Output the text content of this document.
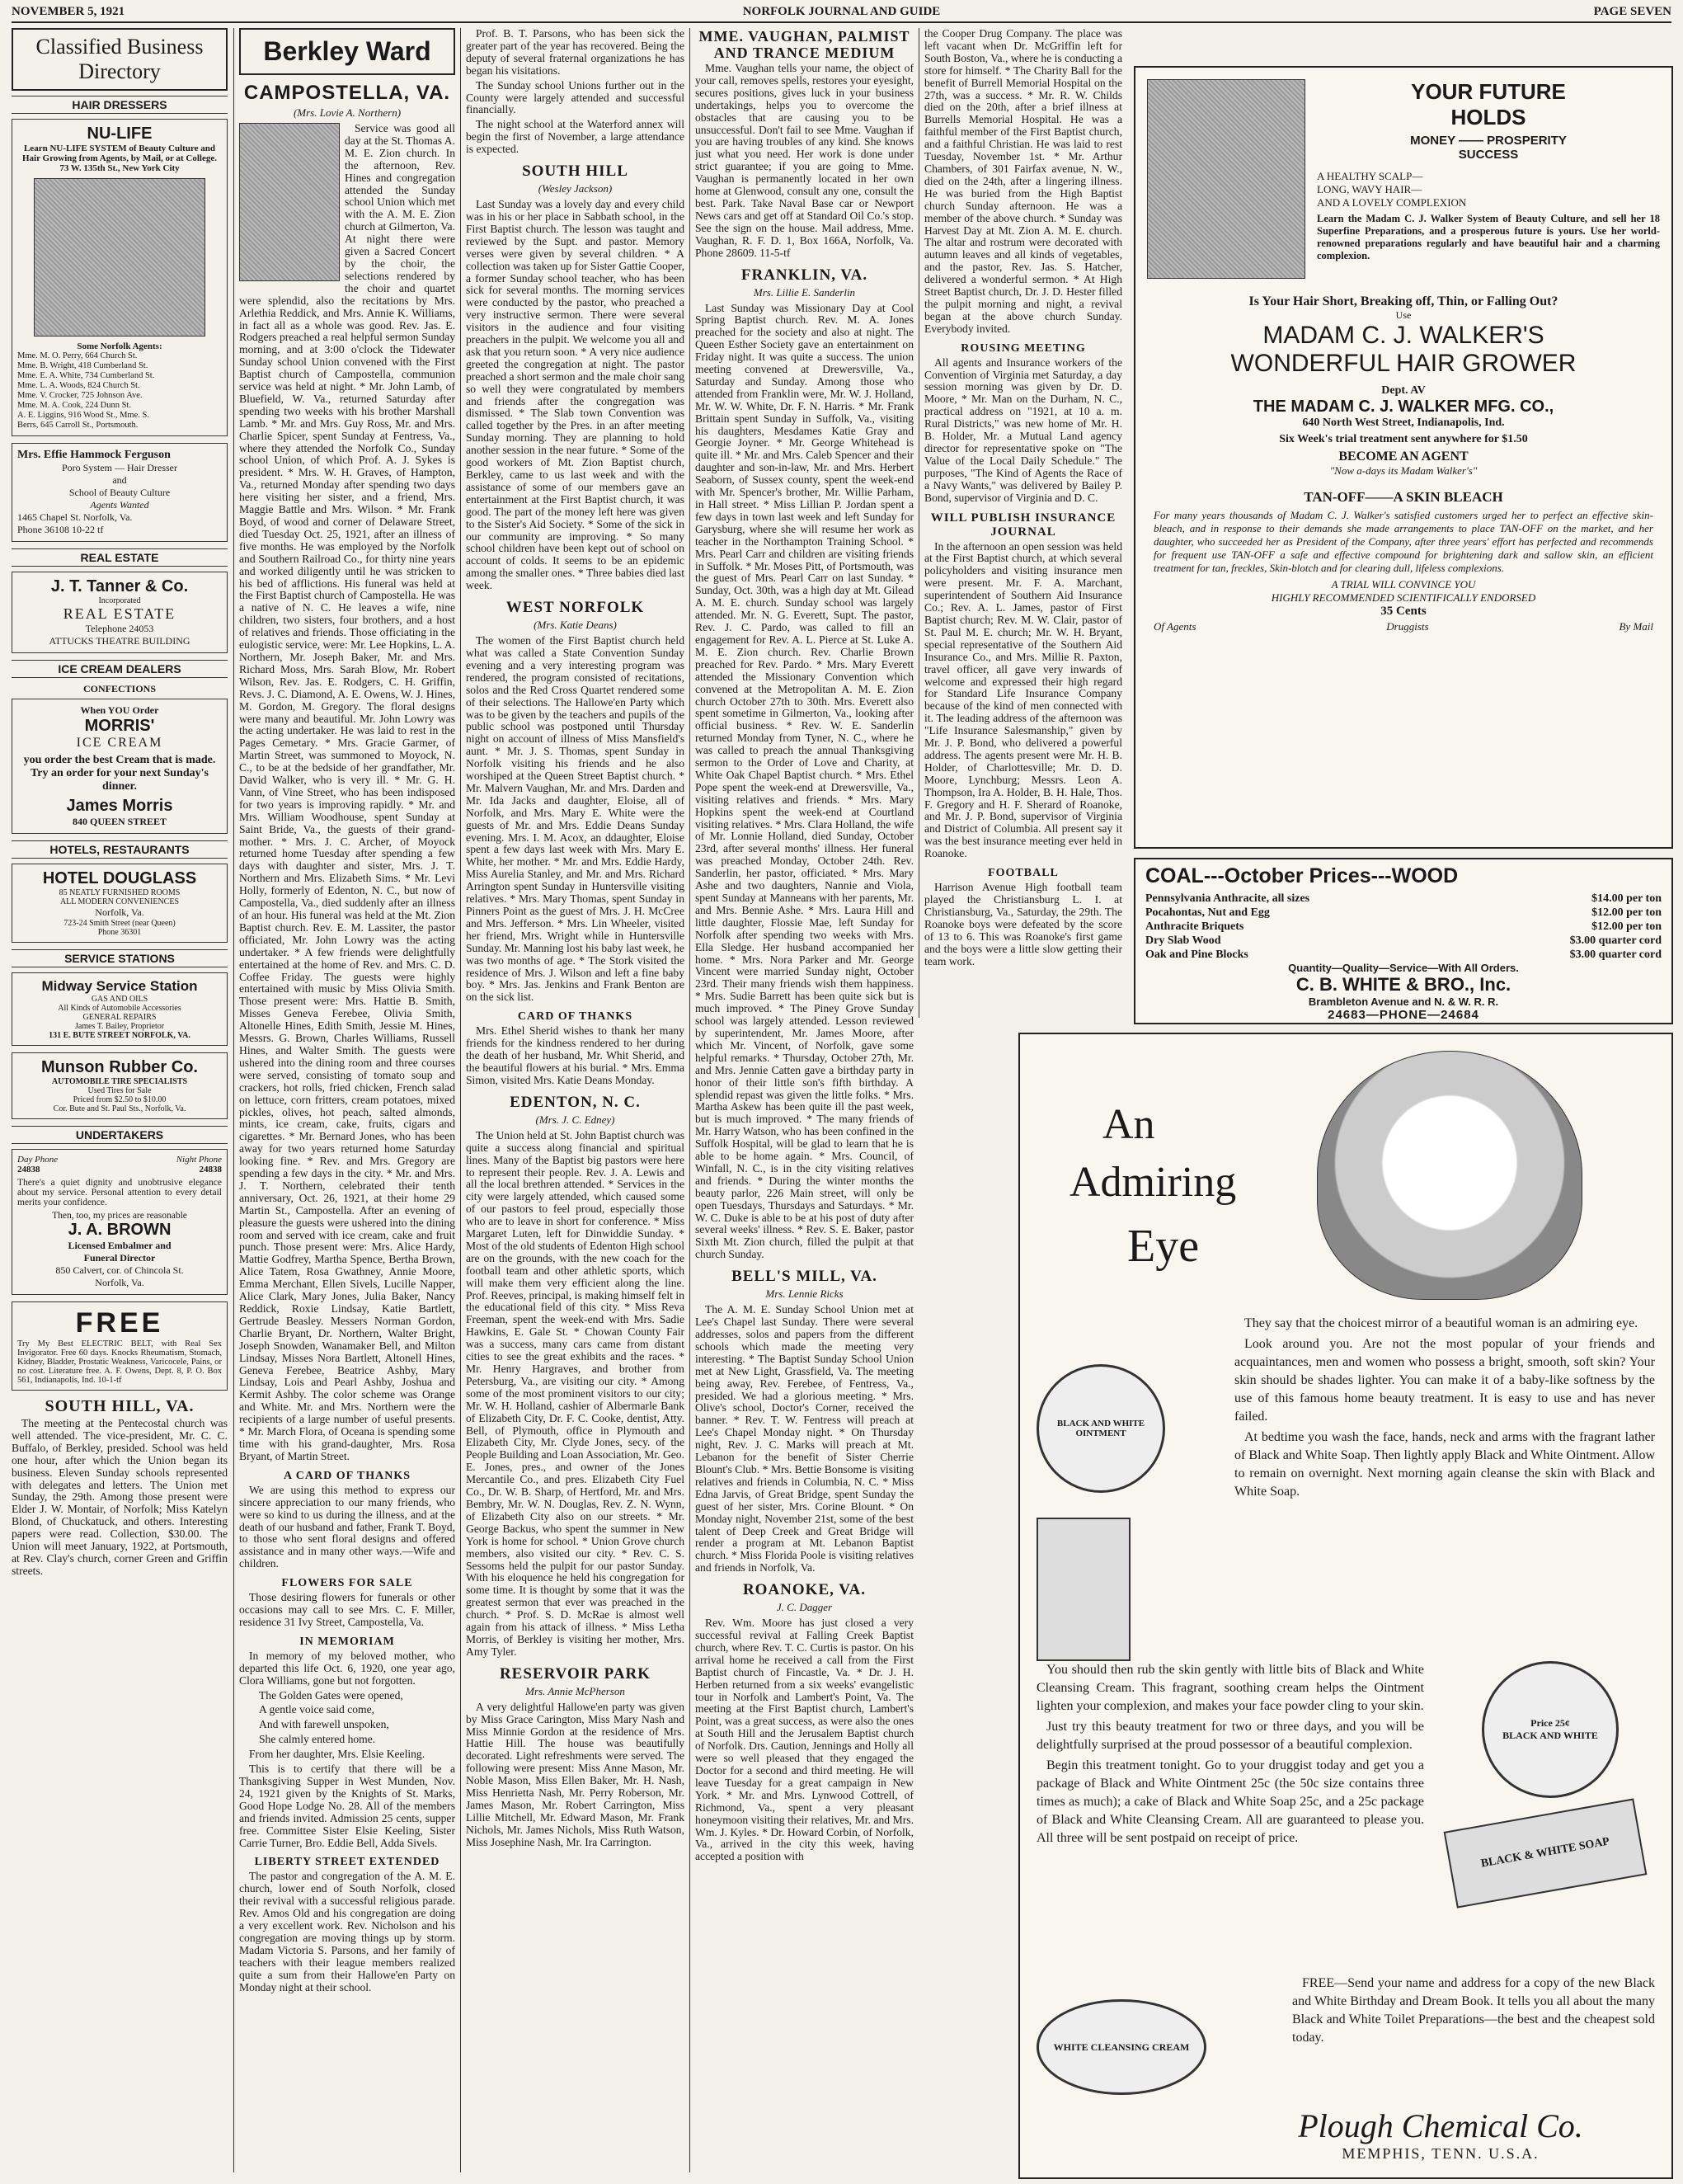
NOVEMBER 5, 1921	NORFOLK JOURNAL AND GUIDE	PAGE SEVEN
Classified Business Directory
HAIR DRESSERS
NU-LIFE
Learn NU-LIFE SYSTEM of Beauty Culture and Hair Growing from Agents, by Mail, or at College.
73 W. 135th St., New York City
Some Norfolk Agents:
Mme. M. O. Perry, 664 Church St.
Mme. B. Wright, 418 Cumberland St.
Mme. E. A. White, 734 Cumberland St.
Mme. L. A. Woods, 824 Church St.
Mme. V. Crocker, 725 Johnson Ave.
Mme. M. A. Cook, 224 Dunn St.
A. E. Liggins, 916 Wood St., Mme. S.
Berrs, 645 Carroll St., Portsmouth.
Mrs. Effie Hammock Ferguson
Poro System — Hair Dresser
and
School of Beauty Culture
Agents Wanted
1465 Chapel St. Norfolk, Va.
Phone 36108 10-22 tf
REAL ESTATE
J. T. Tanner & Co.
Incorporated
REAL ESTATE
Telephone 24053
ATTUCKS THEATRE BUILDING
ICE CREAM DEALERS
CONFECTIONS
When YOU Order
MORRIS'
ICE CREAM
you order the best Cream that is made. Try an order for your next Sunday's dinner.
James Morris
840 QUEEN STREET
HOTELS, RESTAURANTS
HOTEL DOUGLASS
85 NEATLY FURNISHED ROOMS
ALL MODERN CONVENIENCES
Norfolk, Va.
723-24 Smith Street (near Queen)
Phone 36301
SERVICE STATIONS
Midway Service Station
GAS AND OILS
All Kinds of Automobile Accessories
GENERAL REPAIRS
James T. Bailey, Proprietor
131 E. BUTE STREET NORFOLK, VA.
Munson Rubber Co.
AUTOMOBILE TIRE SPECIALISTS
Used Tires for Sale
Priced from $2.50 to $10.00
Cor. Bute and St. Paul Sts., Norfolk, Va.
UNDERTAKERS
Day Phone	Night Phone
24838	24838
There's a quiet dignity and unobtrusive elegance about my service. Personal attention to every detail merits your confidence.
Then, too, my prices are reasonable
J. A. BROWN
Licensed Embalmer and
Funeral Director
850 Calvert, cor. of Chincola St.
Norfolk, Va.
FREE
Try My Best ELECTRIC BELT, with Real Sex Invigorator. Free 60 days. Knocks Rheumatism, Stomach, Kidney, Bladder, Prostatic Weakness, Varicocele, Pains, or no cost. Literature free. A. F. Owens, Dept. 8, P. O. Box 561, Indianapolis, Ind. 10-1-tf
SOUTH HILL, VA.

The meeting at the Pentecostal church was well attended. The vice-president, Mr. C. C. Buffalo, of Berkley, presided. School was held one hour, after which the Union began its business. Eleven Sunday schools represented with delegates and letters. The Union met Sunday, the 29th. Among those present were Elder J. W. Montair, of Norfolk; Miss Katelyn Blond, of Chuckatuck, and others. Interesting papers were read. Collection, $30.00. The Union will meet January, 1922, at Portsmouth, at Rev. Clay's church, corner Green and Griffin streets.

Berkley Ward
CAMPOSTELLA, VA.
(Mrs. Lovie A. Northern)

Service was good all day at the St. Thomas A. M. E. Zion church. In the afternoon, Rev. Hines and congregation attended the Sunday school Union which met with the A. M. E. Zion church at Gilmerton, Va. At night there were given a Sacred Concert by the choir, the selections rendered by the choir and quartet were splendid, also the recitations by Mrs. Arlethia Reddick, and Mrs. Annie K. Williams, in fact all as a whole was good. Rev. Jas. E. Rodgers preached a real helpful sermon Sunday morning, and at 3:00 o'clock the Tidewater Sunday school Union convened with the First Baptist church of Campostella, communion service was held at night. * Mr. John Lamb, of Bluefield, W. Va., returned Saturday after spending two weeks with his brother Marshall Lamb. * Mr. and Mrs. Guy Ross, Mr. and Mrs. Charlie Spicer, spent Sunday at Fentress, Va., where they attended the Norfolk Co., Sunday school Union, of which Prof. A. J. Sykes is president. * Mrs. W. H. Graves, of Hampton, Va., returned Monday after spending two days here visiting her sister, and a friend, Mrs. Maggie Battle and Mrs. Wilson. * Mr. Frank Boyd, of wood and corner of Delaware Street, died Tuesday Oct. 25, 1921, after an illness of five months. He was employed by the Norfolk and Southern Railroad Co., for thirty nine years and worked diligently until he was stricken to his bed of afflictions. His funeral was held at the First Baptist church of Campostella. He was a native of N. C. He leaves a wife, nine children, two sisters, four brothers, and a host of relatives and friends. Those officiating in the eulogistic service, were: Mr. Lee Hopkins, L. A. Northern, Mr. Joseph Baker, Mr. and Mrs. Richard Moss, Mrs. Sarah Blow, Mr. Robert Wilson, Rev. Jas. E. Rodgers, C. H. Griffin, Revs. J. C. Diamond, A. E. Owens, W. J. Hines, M. Gordon, M. Gregory. The floral designs were many and beautiful. Mr. John Lowry was the acting undertaker. He was laid to rest in the Pages Cemetary. * Mrs. Gracie Garmer, of Martin Street, was summoned to Moyock, N. C., to be at the bedside of her grandfather, Mr. David Walker, who is very ill. * Mr. G. H. Vann, of Vine Street, who has been indisposed for two years is improving rapidly. * Mr. and Mrs. William Woodhouse, spent Sunday at Saint Bride, Va., the guests of their grand-mother. * Mrs. J. C. Archer, of Moyock returned home Tuesday after spending a few days with daughter and sister, Mrs. J. T. Northern and Mrs. Elizabeth Sims. * Mr. Levi Holly, formerly of Edenton, N. C., but now of Campostella, Va., died suddenly after an illness of an hour. His funeral was held at the Mt. Zion Baptist church. Rev. E. M. Lassiter, the pastor officiated, Mr. John Lowry was the acting undertaker. * A few friends were delightfully entertained at the home of Rev. and Mrs. C. D. Coffee Friday. The guests were highly entertained with music by Miss Olivia Smith. Those present were: Mrs. Hattie B. Smith, Misses Geneva Ferebee, Olivia Smith, Altonelle Hines, Edith Smith, Jessie M. Hines, Messrs. G. Brown, Charles Williams, Russell Hines, and Walter Smith. The guests were ushered into the dining room and three courses were served, consisting of tomato soup and crackers, hot rolls, fried chicken, French salad on lettuce, corn fritters, cream potatoes, mixed pickles, olives, hot peach, salted almonds, mints, ice cream, cake, fruits, cigars and cigarettes. * Mr. Bernard Jones, who has been away for two years returned home Saturday looking fine. * Rev. and Mrs. Gregory are spending a few days in the city. * Mr. and Mrs. J. T. Northern, celebrated their tenth anniversary, Oct. 26, 1921, at their home 29 Martin St., Campostella. After an evening of pleasure the guests were ushered into the dining room and served with ice cream, cake and fruit punch. Those present were: Mrs. Alice Hardy, Mattie Godfrey, Martha Spence, Bertha Brown, Alice Tatem, Rosa Gwathney, Annie Moore, Emma Merchant, Ellen Sivels, Lucille Napper, Alice Clark, Mary Jones, Julia Baker, Nancy Reddick, Roxie Lindsay, Katie Bartlett, Gertrude Beasley. Messers Norman Gordon, Charlie Bryant, Dr. Northern, Walter Bright, Joseph Snowden, Wanamaker Bell, and Milton Lindsay, Misses Nora Bartlett, Altonell Hines, Geneva Ferebee, Beatrice Ashby, Mary Lindsay, Lois and Pearl Ashby, Joshua and Kermit Ashby. The color scheme was Orange and White. Mr. and Mrs. Northern were the recipients of a large number of useful presents. * Mr. March Flora, of Oceana is spending some time with his grand-daughter, Mrs. Rosa Bryant, of Martin Street.

A CARD OF THANKS

We are using this method to express our sincere appreciation to our many friends, who were so kind to us during the illness, and at the death of our husband and father, Frank T. Boyd, to those who sent floral designs and offered assistance and in many other ways.—Wife and children.

FLOWERS FOR SALE

Those desiring flowers for funerals or other occasions may call to see Mrs. C. F. Miller, residence 31 Ivy Street, Campostella, Va.

IN MEMORIAM

In memory of my beloved mother, who departed this life Oct. 6, 1920, one year ago, Clora Williams, gone but not forgotten.

The Golden Gates were opened,

A gentle voice said come,

And with farewell unspoken,

She calmly entered home.

From her daughter, Mrs. Elsie Keeling.

This is to certify that there will be a Thanksgiving Supper in West Munden, Nov. 24, 1921 given by the Knights of St. Marks, Good Hope Lodge No. 28. All of the members and friends invited. Admission 25 cents, supper free. Committee Sister Elsie Keeling, Sister Carrie Turner, Bro. Eddie Bell, Adda Sivels.

LIBERTY STREET EXTENDED

The pastor and congregation of the A. M. E. church, lower end of South Norfolk, closed their revival with a successful religious parade. Rev. Amos Old and his congregation are doing a very excellent work. Rev. Nicholson and his congregation are moving things up by storm. Madam Victoria S. Parsons, and her family of teachers with their league members realized quite a sum from their Hallowe'en Party on Monday night at their school.

Prof. B. T. Parsons, who has been sick the greater part of the year has recovered. Being the deputy of several fraternal organizations he has began his visitations.

The Sunday school Unions further out in the County were largely attended and successful financially.

The night school at the Waterford annex will begin the first of November, a large attendance is expected.

SOUTH HILL
(Wesley Jackson)

Last Sunday was a lovely day and every child was in his or her place in Sabbath school, in the First Baptist church. The lesson was taught and reviewed by the Supt. and pastor. Memory verses were given by several children. * A collection was taken up for Sister Gattie Cooper, a former Sunday school teacher, who has been sick for several months. The morning services were conducted by the pastor, who preached a very instructive sermon. There were several visitors in the audience and four visiting preachers in the pulpit. We welcome you all and ask that you return soon. * A very nice audience greeted the congregation at night. The pastor preached a short sermon and the male choir sang so well they were congratulated by members and friends after the congregation was dismissed. * The Slab town Convention was called together by the Pres. in an after meeting Sunday morning. They are planning to hold another session in the near future. * Some of the good workers of Mt. Zion Baptist church, Berkley, came to us last week and with the assistance of some of our members gave an entertainment at the First Baptist church, it was good. The part of the money left here was given to the Sister's Aid Society. * Some of the sick in our community are improving. * So many school children have been kept out of school on account of colds. It seems to be an epidemic among the smaller ones. * Three babies died last week.

WEST NORFOLK
(Mrs. Katie Deans)

The women of the First Baptist church held what was called a State Convention Sunday evening and a very interesting program was rendered, the program consisted of recitations, solos and the Red Cross Quartet rendered some of their selections. The Hallowe'en Party which was to be given by the teachers and pupils of the public school was postponed until Thursday night on account of illness of Miss Mansfield's aunt. * Mr. J. S. Thomas, spent Sunday in Norfolk visiting his friends and he also worshiped at the Queen Street Baptist church. * Mr. Malvern Vaughan, Mr. and Mrs. Darden and Mr. Ida Jacks and daughter, Eloise, all of Norfolk, and Mrs. Mary E. White were the guests of Mr. and Mrs. Eddie Deans Sunday evening. Mrs. I. M. Acox, an ddaughter, Eloise spent a few days last week with Mrs. Mary E. White, her mother. * Mr. and Mrs. Eddie Hardy, Miss Aurelia Stanley, and Mr. and Mrs. Richard Arrington spent Sunday in Huntersville visiting relatives. * Mrs. Mary Thomas, spent Sunday in Pinners Point as the guest of Mrs. J. H. McCree and Mrs. Jefferson. * Mrs. Lin Wheeler, visited her friend, Mrs. Wright while in Huntersville Sunday. Mr. Manning lost his baby last week, he was two months of age. * The Stork visited the residence of Mrs. J. Wilson and left a fine baby boy. * Mrs. Jas. Jenkins and Frank Benton are on the sick list.

CARD OF THANKS

Mrs. Ethel Sherid wishes to thank her many friends for the kindness rendered to her during the death of her husband, Mr. Whit Sherid, and the beautiful flowers at his burial. * Mrs. Emma Simon, visited Mrs. Katie Deans Monday.

EDENTON, N. C.
(Mrs. J. C. Edney)

The Union held at St. John Baptist church was quite a success along financial and spiritual lines. Many of the Baptist big pastors were here to represent their people. Rev. J. A. Lewis and all the local brethren attended. * Services in the city were largely attended, which caused some of our pastors to feel proud, especially those who are to leave in short for conference. * Miss Margaret Luten, left for Dinwiddie Sunday. * Most of the old students of Edenton High school are on the grounds, with the new coach for the football team and other athletic sports, which will make them very efficient along the line. Prof. Reeves, principal, is making himself felt in the educational field of this city. * Miss Reva Freeman, spent the week-end with Mrs. Sadie Hawkins, E. Gale St. * Chowan County Fair was a success, many cars came from distant cities to see the great exhibits and the races. * Mr. Henry Hargraves, and brother from Petersburg, Va., are visiting our city. * Among some of the most prominent visitors to our city; Mr. W. H. Holland, cashier of Albermarle Bank of Elizabeth City, Dr. F. C. Cooke, dentist, Atty. Bell, of Plymouth, office in Plymouth and Elizabeth City, Mr. Clyde Jones, secy. of the People Building and Loan Association, Mr. Geo. E. Jones, pres., and owner of the Jones Mercantile Co., and pres. Elizabeth City Fuel Co., Dr. W. B. Sharp, of Hertford, Mr. and Mrs. Bembry, Mr. W. N. Douglas, Rev. Z. N. Wynn, of Elizabeth City also on our streets. * Mr. George Backus, who spent the summer in New York is home for school. * Union Grove church members, also visited our city. * Rev. C. S. Sessoms held the pulpit for our pastor Sunday. With his eloquence he held his congregation for some time. It is thought by some that it was the greatest sermon that ever was preached in the church. * Prof. S. D. McRae is almost well again from his attack of illness. * Miss Letha Morris, of Berkley is visiting her mother, Mrs. Amy Tyler.

RESERVOIR PARK
Mrs. Annie McPherson

A very delightful Hallowe'en party was given by Miss Grace Carington, Miss Mary Nash and Miss Minnie Gordon at the residence of Mrs. Hattie Hill. The house was beautifully decorated. Light refreshments were served. The following were present: Miss Anne Mason, Mr. Noble Mason, Miss Ellen Baker, Mr. H. Nash, Miss Henrietta Nash, Mr. Perry Roberson, Mr. James Mason, Mr. Robert Carrington, Miss Lillie Mitchell, Mr. Edward Mason, Mr. Frank Nichols, Mr. James Nichols, Miss Ruth Watson, Miss Josephine Nash, Mr. Ira Carrington.

MME. VAUGHAN, PALMIST AND TRANCE MEDIUM

Mme. Vaughan tells your name, the object of your call, removes spells, restores your eyesight, secures positions, gives luck in your business undertakings, helps you to overcome the obstacles that are causing you to be unsuccessful. Don't fail to see Mme. Vaughan if you are having troubles of any kind. She knows just what you need. Her work is done under strict guarantee; if you are going to Mme. Vaughan is permanently located in her own home at Glenwood, consult any one, consult the best. Park. Take Naval Base car or Newport News cars and get off at Standard Oil Co.'s stop. See the sign on the house. Mail address, Mme. Vaughan, R. F. D. 1, Box 166A, Norfolk, Va. Phone 28609. 11-5-tf

FRANKLIN, VA.
Mrs. Lillie E. Sanderlin

Last Sunday was Missionary Day at Cool Spring Baptist church. Rev. M. A. Jones preached for the society and also at night. The Queen Esther Society gave an entertainment on Friday night. It was quite a success. The union meeting convened at Drewersville, Va., Saturday and Sunday. Among those who attended from Franklin were, Mr. W. J. Holland, Mr. W. W. White, Dr. F. N. Harris. * Mr. Frank Brittain spent Sunday in Suffolk, Va., visiting his daughters, Mesdames Katie Gray and Georgie Joyner. * Mr. George Whitehead is quite ill. * Mr. and Mrs. Caleb Spencer and their daughter and son-in-law, Mr. and Mrs. Herbert Seaborn, of Sussex county, spent the week-end with Mr. Spencer's brother, Mr. Willie Parham, in Hall street. * Miss Lillian P. Jordan spent a few days in town last week and left Sunday for Garysburg, where she will resume her work as teacher in the Northampton Training School. * Mrs. Pearl Carr and children are visiting friends in Suffolk. * Mr. Moses Pitt, of Portsmouth, was the guest of Mrs. Pearl Carr on last Sunday. * Sunday, Oct. 30th, was a high day at Mt. Gilead A. M. E. church. Sunday school was largely attended. Mr. N. G. Everett, Supt. The pastor, Rev. J. C. Pardo, was called to fill an engagement for Rev. A. L. Pierce at St. Luke A. M. E. Zion church. Rev. Charlie Brown preached for Rev. Pardo. * Mrs. Mary Everett attended the Missionary Convention which convened at the Metropolitan A. M. E. Zion church October 27th to 30th. Mrs. Everett also spent sometime in Gilmerton, Va., looking after official business. * Rev. W. E. Sanderlin returned Monday from Tyner, N. C., where he was called to preach the annual Thanksgiving sermon to the Order of Love and Charity, at White Oak Chapel Baptist church. * Mrs. Ethel Pope spent the week-end at Drewersville, Va., visiting relatives and friends. * Mrs. Mary Hopkins spent the week-end at Courtland visiting relatives. * Mrs. Clara Holland, the wife of Mr. Lonnie Holland, died Sunday, October 23rd, after several months' illness. Her funeral was preached Monday, October 24th. Rev. Sanderlin, her pastor, officiated. * Mrs. Mary Ashe and two daughters, Nannie and Viola, spent Sunday at Manneans with her parents, Mr. and Mrs. Bennie Ashe. * Mrs. Laura Hill and little daughter, Flossie Mae, left Sunday for Norfolk after spending two weeks with Mrs. Ella Sledge. Her husband accompanied her home. * Mrs. Nora Parker and Mr. George Vincent were married Sunday night, October 23rd. Their many friends wish them happiness. * Mrs. Sudie Barrett has been quite sick but is much improved. * The Piney Grove Sunday school was largely attended. Lesson reviewed by superintendent, Mr. James Moore, after which Mr. Vincent, of Norfolk, gave some helpful remarks. * Thursday, October 27th, Mr. and Mrs. Jennie Catten gave a birthday party in honor of their little son's fifth birthday. A splendid repast was given the little folks. * Mrs. Martha Askew has been quite ill the past week, but is much improved. * The many friends of Mr. Harry Watson, who has been confined in the Suffolk Hospital, will be glad to learn that he is able to be home again. * Mrs. Council, of Winfall, N. C., is in the city visiting relatives and friends. * During the winter months the beauty parlor, 226 Main street, will only be open Tuesdays, Thursdays and Saturdays. * Mr. W. C. Duke is able to be at his post of duty after several weeks' illness. * Rev. S. E. Baker, pastor Sixth Mt. Zion church, filled the pulpit at that church Sunday.

BELL'S MILL, VA.
Mrs. Lennie Ricks

The A. M. E. Sunday School Union met at Lee's Chapel last Sunday. There were several addresses, solos and papers from the different schools which made the meeting very interesting. * The Baptist Sunday School Union met at New Light, Grassfield, Va. The meeting being away, Rev. Ferebee, of Fentress, Va., presided. We had a glorious meeting. * Mrs. Olive's school, Doctor's Corner, received the banner. * Rev. T. W. Fentress will preach at Lee's Chapel Monday night. * On Thursday night, Rev. J. C. Marks will preach at Mt. Lebanon for the benefit of Sister Cherrie Blount's Club. * Mrs. Bettie Bonsome is visiting relatives and friends in Columbia, N. C. * Miss Edna Jarvis, of Great Bridge, spent Sunday the guest of her sister, Mrs. Corine Blount. * On Monday night, November 21st, some of the best talent of Deep Creek and Great Bridge will render a program at Mt. Lebanon Baptist church. * Miss Florida Poole is visiting relatives and friends in Norfolk, Va.

ROANOKE, VA.
J. C. Dagger

Rev. Wm. Moore has just closed a very successful revival at Falling Creek Baptist church, where Rev. T. C. Curtis is pastor. On his arrival home he received a call from the First Baptist church of Fincastle, Va. * Dr. J. H. Herben returned from a six weeks' evangelistic tour in Norfolk and Lambert's Point, Va. The meeting at the First Baptist church, Lambert's Point, was a great success, as were also the ones at South Hill and the Jerusalem Baptist church of Norfolk. Drs. Caution, Jennings and Holly all were so well pleased that they engaged the Doctor for a second and third meeting. He will leave Tuesday for a great campaign in New York. * Mr. and Mrs. Lynwood Cottrell, of Richmond, Va., spent a very pleasant honeymoon visiting their relatives, Mr. and Mrs. Wm. J. Kyles. * Dr. Howard Corbin, of Norfolk, Va., arrived in the city this week, having accepted a position with

the Cooper Drug Company. The place was left vacant when Dr. McGriffin left for South Boston, Va., where he is conducting a store for himself. * The Charity Ball for the benefit of Burrell Memorial Hospital on the 27th, was a success. * Mr. R. W. Childs died on the 20th, after a brief illness at Burrells Memorial Hospital. He was a faithful member of the First Baptist church, and a faithful Christian. He was laid to rest Tuesday, November 1st. * Mr. Arthur Chambers, of 301 Fairfax avenue, N. W., died on the 24th, after a lingering illness. He was buried from the High Baptist church Sunday afternoon. He was a member of the above church. * Sunday was Harvest Day at Mt. Zion A. M. E. church. The altar and rostrum were decorated with autumn leaves and all kinds of vegetables, and the pastor, Rev. Jas. S. Hatcher, delivered a wonderful sermon. * At High Street Baptist church, Dr. J. D. Hester filled the pulpit morning and night, a revival began at the above church Sunday. Everybody invited.

ROUSING MEETING

All agents and Insurance workers of the Convention of Virginia met Saturday, a day session morning was given by Dr. D. Moore, * Mr. Man on the Durham, N. C., practical address on "1921, at 10 a. m. Rural Districts," was new home of Mr. H. B. Holder, Mr. a Mutual Land agency director for representative spoke on "The Value of the Local Daily Schedule." The purposes, "The Kind of Agents the Race of a Navy Wants," was delivered by Bailey P. Bond, supervisor of Virginia and D. C.

WILL PUBLISH INSURANCE JOURNAL

In the afternoon an open session was held at the First Baptist church, at which several policyholders and visiting insurance men were present. Mr. F. A. Marchant, superintendent of Southern Aid Insurance Co.; Rev. A. L. James, pastor of First Baptist church; Rev. M. W. Clair, pastor of St. Paul M. E. church; Mr. W. H. Bryant, special representative of the Southern Aid Insurance Co., and Mrs. Millie R. Paxton, travel officer, all gave very inwards of welcome and expressed their high regard for Standard Life Insurance Company because of the kind of men connected with it. The leading address of the afternoon was "Life Insurance Salesmanship," given by Mr. J. P. Bond, who delivered a powerful address. The agents present were Mr. H. B. Holder, of Charlottesville; Mr. D. D. Moore, Lynchburg; Messrs. Leon A. Thompson, Ira A. Holder, B. H. Hale, Thos. F. Gregory and H. F. Sherard of Roanoke, and Mr. J. P. Bond, supervisor of Virginia and District of Columbia. All present say it was the best insurance meeting ever held in Roanoke.

FOOTBALL

Harrison Avenue High football team played the Christiansburg L. I. at Christiansburg, Va., Saturday, the 29th. The Roanoke boys were defeated by the score of 13 to 6. This was Roanoke's first game and the boys were a little slow getting their team work.

YOUR FUTURE
HOLDS
MONEY —— PROSPERITY
SUCCESS
A HEALTHY SCALP—
LONG, WAVY HAIR—
AND A LOVELY COMPLEXION
Learn the Madam C. J. Walker System of Beauty Culture, and sell her 18 Superfine Preparations, and a prosperous future is yours. Use her world-renowned preparations regularly and have beautiful hair and a charming complexion.
Is Your Hair Short, Breaking off, Thin, or Falling Out?
Use
MADAM C. J. WALKER'S
WONDERFUL HAIR GROWER
Dept. AV
THE MADAM C. J. WALKER MFG. CO.,
640 North West Street, Indianapolis, Ind.
Six Week's trial treatment sent anywhere for $1.50
BECOME AN AGENT
"Now a-days its Madam Walker's"
TAN-OFF——A SKIN BLEACH
For many years thousands of Madam C. J. Walker's satisfied customers urged her to perfect an effective skin-bleach, and in response to their demands she made arrangements to place TAN-OFF on the market, and her daughter, who succeeded her as President of the Company, after three years' effort has perfected and recommends for frequent use TAN-OFF a safe and effective compound for brightening dark and sallow skin, an efficient treatment for tan, freckles, Skin-blotch and for clearing dull, lifeless complexions.
A TRIAL WILL CONVINCE YOU
HIGHLY RECOMMENDED SCIENTIFICALLY ENDORSED
35 Cents
Of Agents	Druggists	By Mail
COAL---October Prices---WOOD
Pennsylvania Anthracite, all sizes	$14.00 per ton
Pocahontas, Nut and Egg	$12.00 per ton
Anthracite Briquets	$12.00 per ton
Dry Slab Wood	$3.00 quarter cord
Oak and Pine Blocks	$3.00 quarter cord
Quantity—Quality—Service—With All Orders.
C. B. WHITE & BRO., Inc.
Brambleton Avenue and N. & W. R. R.
24683—PHONE—24684
An
Admiring
Eye
BLACK AND WHITE
OINTMENT

They say that the choicest mirror of a beautiful woman is an admiring eye.

Look around you. Are not the most popular of your friends and acquaintances, men and women who possess a bright, smooth, soft skin? Your skin should be shades lighter. You can make it of a baby-like softness by the use of this famous home beauty treatment. It is easy to use and has never failed.

At bedtime you wash the face, hands, neck and arms with the fragrant lather of Black and White Soap. Then lightly apply Black and White Ointment. Allow to remain on overnight. Next morning again cleanse the skin with Black and White Soap.

You should then rub the skin gently with little bits of Black and White Cleansing Cream. This fragrant, soothing cream helps the Ointment lighten your complexion, and makes your face powder cling to your skin.

Just try this beauty treatment for two or three days, and you will be delightfully surprised at the proud possessor of a beautiful complexion.

Begin this treatment tonight. Go to your druggist today and get you a package of Black and White Ointment 25c (the 50c size contains three times as much); a cake of Black and White Soap 25c, and a 25c package of Black and White Cleansing Cream. All are guaranteed to please you. All three will be sent postpaid on receipt of price.

Price 25¢
BLACK AND WHITE
BLACK & WHITE SOAP
WHITE CLEANSING CREAM

FREE—Send your name and address for a copy of the new Black and White Birthday and Dream Book. It tells you all about the many Black and White Toilet Preparations—the best and the cheapest sold today.

Plough Chemical Co.
MEMPHIS, TENN. U.S.A.
